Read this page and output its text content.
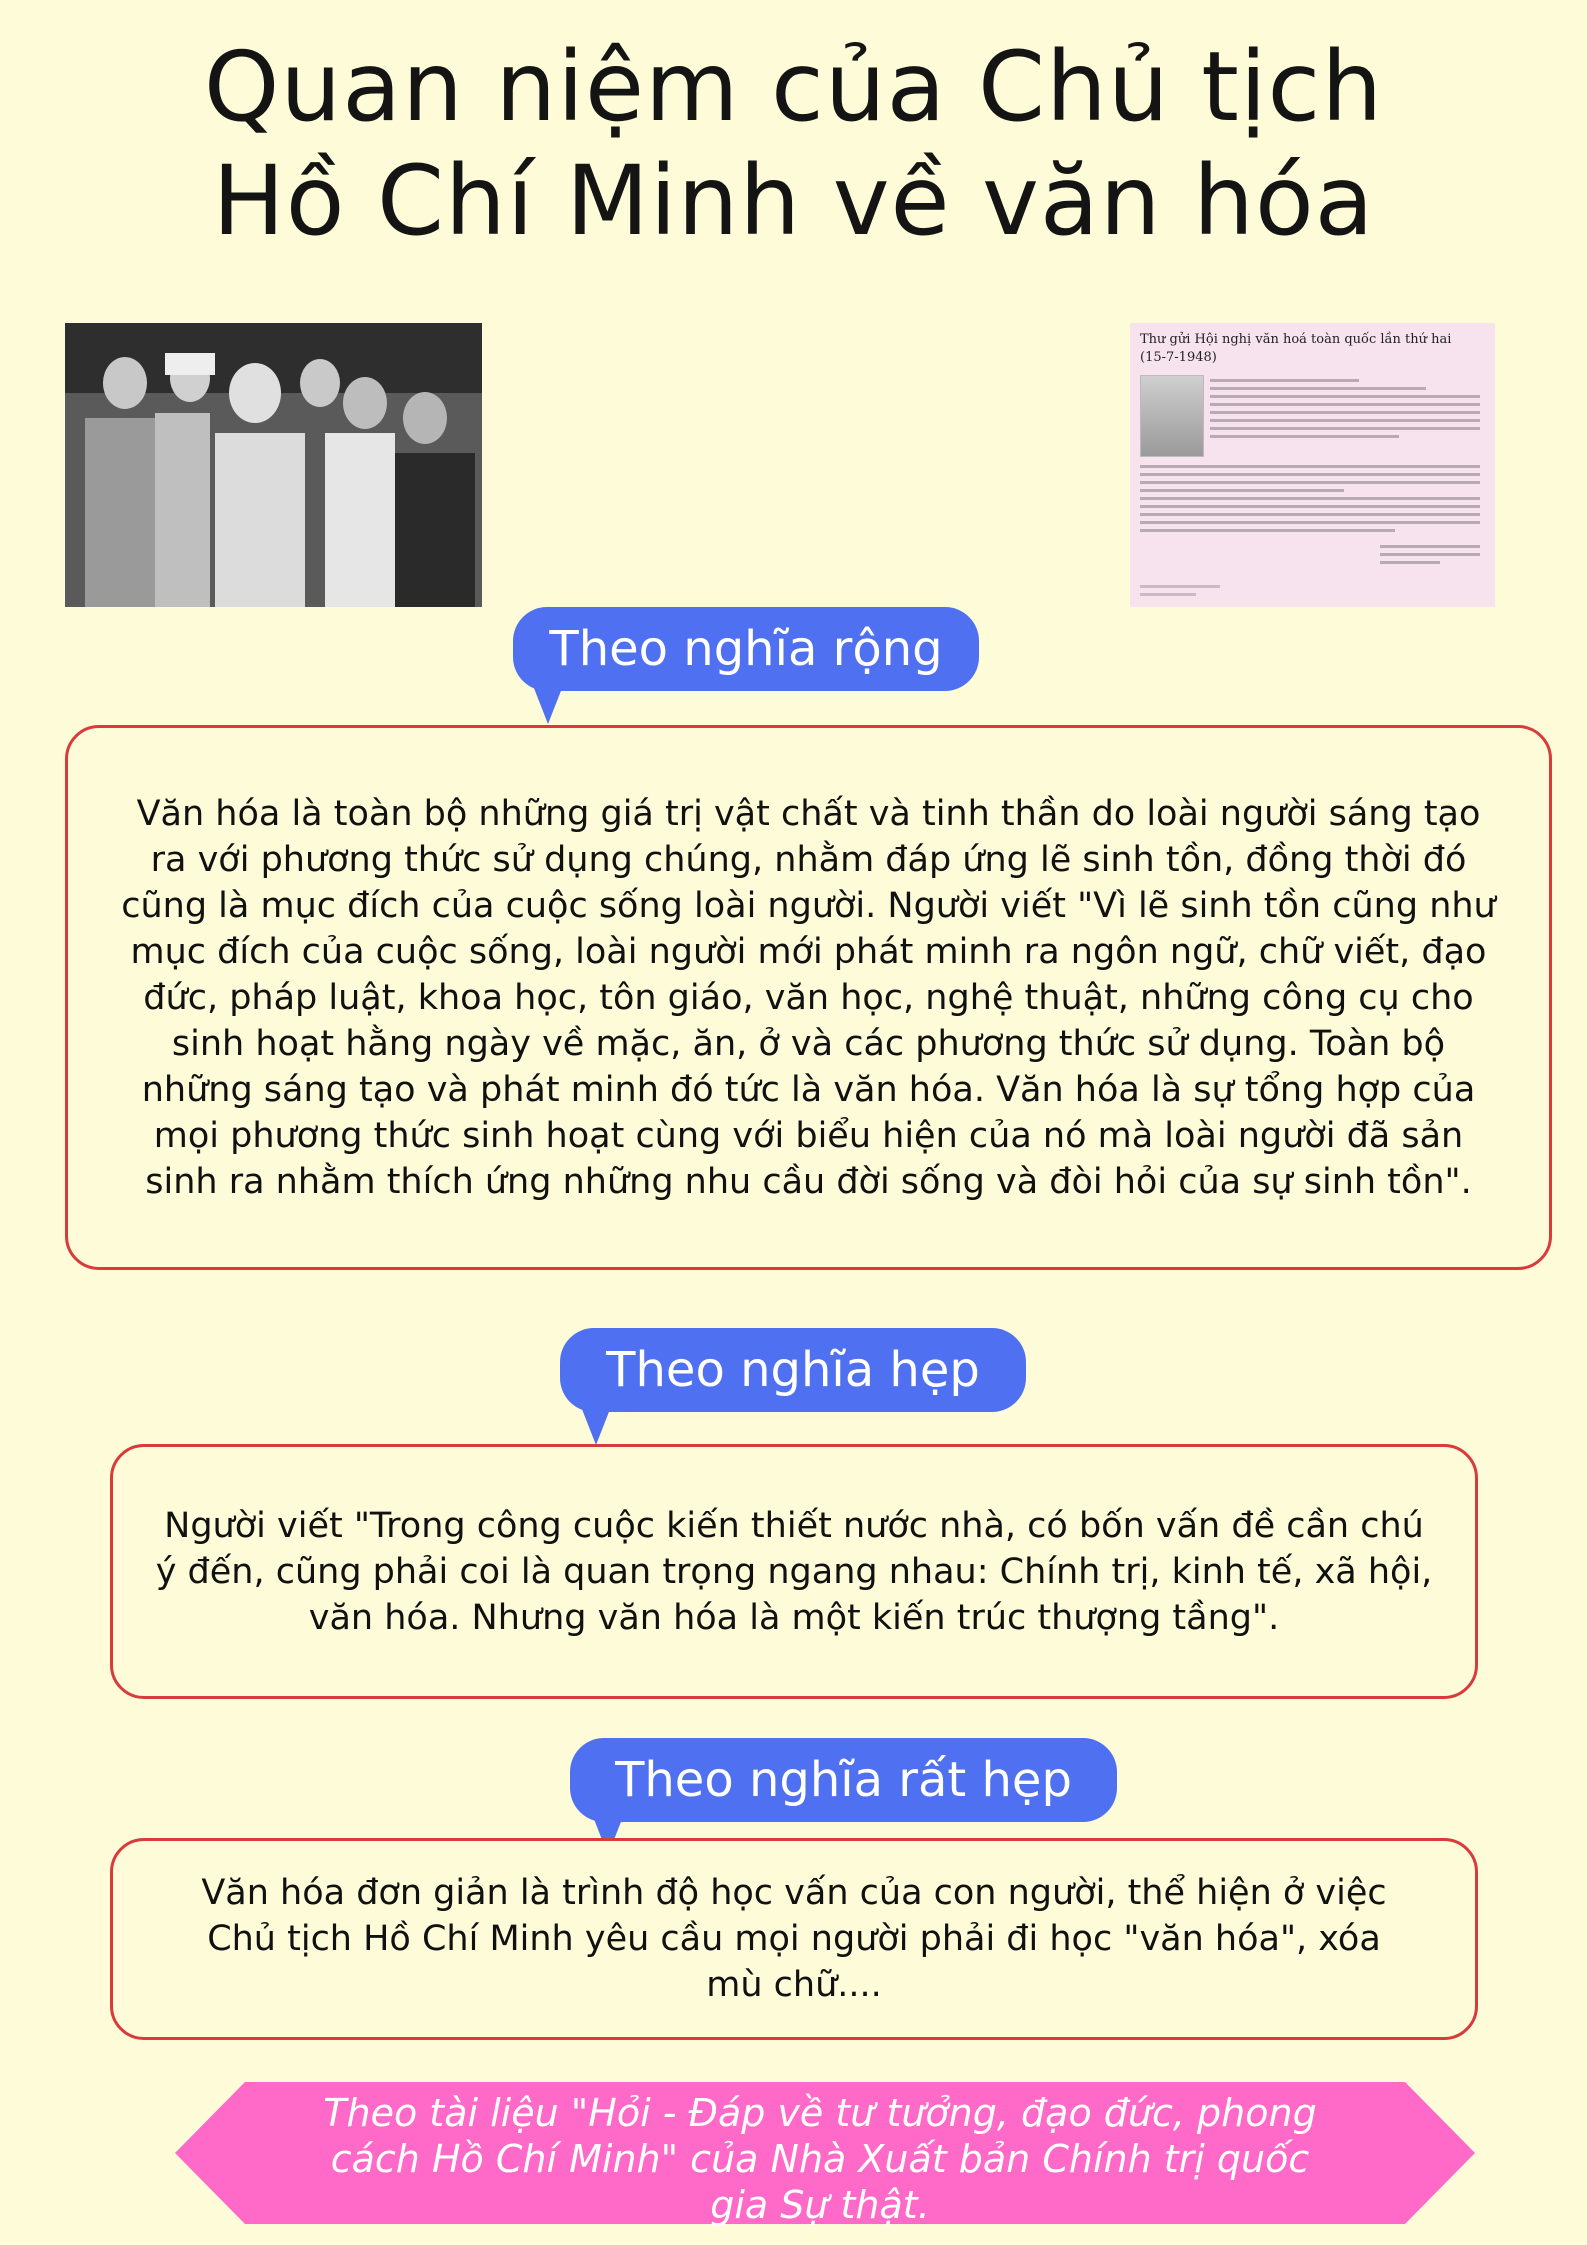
Quan niệm của Chủ tịch
Hồ Chí Minh về văn hóa
Thư gửi Hội nghị văn hoá toàn quốc lần thứ hai (15-7-1948)
Theo nghĩa rộng

Văn hóa là toàn bộ những giá trị vật chất và tinh thần do loài người sáng tạo ra với phương thức sử dụng chúng, nhằm đáp ứng lẽ sinh tồn, đồng thời đó cũng là mục đích của cuộc sống loài người. Người viết "Vì lẽ sinh tồn cũng như mục đích của cuộc sống, loài người mới phát minh ra ngôn ngữ, chữ viết, đạo đức, pháp luật, khoa học, tôn giáo, văn học, nghệ thuật, những công cụ cho sinh hoạt hằng ngày về mặc, ăn, ở và các phương thức sử dụng. Toàn bộ những sáng tạo và phát minh đó tức là văn hóa. Văn hóa là sự tổng hợp của mọi phương thức sinh hoạt cùng với biểu hiện của nó mà loài người đã sản sinh ra nhằm thích ứng những nhu cầu đời sống và đòi hỏi của sự sinh tồn".

Theo nghĩa hẹp

Người viết "Trong công cuộc kiến thiết nước nhà, có bốn vấn đề cần chú ý đến, cũng phải coi là quan trọng ngang nhau: Chính trị, kinh tế, xã hội, văn hóa. Nhưng văn hóa là một kiến trúc thượng tầng".

Theo nghĩa rất hẹp

Văn hóa đơn giản là trình độ học vấn của con người, thể hiện ở việc Chủ tịch Hồ Chí Minh yêu cầu mọi người phải đi học "văn hóa", xóa mù chữ....

Theo tài liệu "Hỏi - Đáp về tư tưởng, đạo đức, phong cách Hồ Chí Minh" của Nhà Xuất bản Chính trị quốc gia Sự thật.
